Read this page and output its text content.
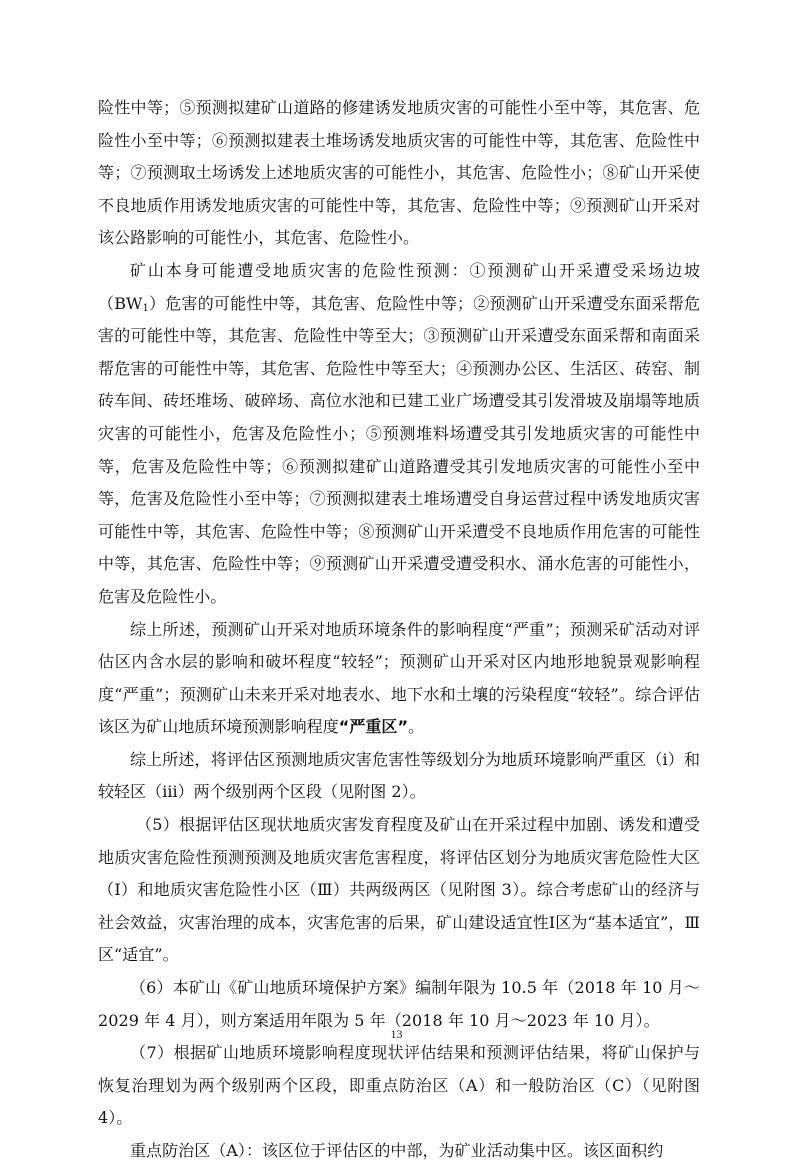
险性中等；⑤预测拟建矿山道路的修建诱发地质灾害的可能性小至中等，其危害、危险性小至中等；⑥预测拟建表土堆场诱发地质灾害的可能性中等，其危害、危险性中等；⑦预测取土场诱发上述地质灾害的可能性小，其危害、危险性小；⑧矿山开采使不良地质作用诱发地质灾害的可能性中等，其危害、危险性中等；⑨预测矿山开采对该公路影响的可能性小，其危害、危险性小。

矿山本身可能遭受地质灾害的危险性预测：①预测矿山开采遭受采场边坡$(BW_1)$危害的可能性中等，其危害、危险性中等；②预测矿山开采遭受东面采帮危害的可能性中等，其危害、危险性中等至大；③预测矿山开采遭受东面采帮和南面采帮危害的可能性中等，其危害、危险性中等至大；④预测办公区、生活区、砖窑、制砖车间、砖坯堆场、破碎场、高位水池和已建工业广场遭受其引发滑坡及崩塌等地质灾害的可能性小，危害及危险性小；⑤预测堆料场遭受其引发地质灾害的可能性中等，危害及危险性中等；⑥预测拟建矿山道路遭受其引发地质灾害的可能性小至中等，危害及危险性小至中等；⑦预测拟建表土堆场遭受自身运营过程中诱发地质灾害可能性中等，其危害、危险性中等；⑧预测矿山开采遭受不良地质作用危害的可能性中等，其危害、危险性中等；⑨预测矿山开采遭受遭受积水、涌水危害的可能性小，危害及危险性小。

综上所述，预测矿山开采对地质环境条件的影响程度“严重”；预测采矿活动对评估区内含水层的影响和破坏程度“较轻”；预测矿山开采对区内地形地貌景观影响程度“严重”；预测矿山未来开采对地表水、地下水和土壤的污染程度“较轻”。综合评估该区为矿山地质环境预测影响程度“严重区”。

综上所述，将评估区预测地质灾害危害性等级划分为地质环境影响严重区（ⅰ）和较轻区（ⅲ）两个级别两个区段（见附图 2）。

（5）根据评估区现状地质灾害发育程度及矿山在开采过程中加剧、诱发和遭受地质灾害危险性预测预测及地质灾害危害程度，将评估区划分为地质灾害危险性大区（Ⅰ）和地质灾害危险性小区（Ⅲ）共两级两区（见附图 3）。综合考虑矿山的经济与社会效益，灾害治理的成本，灾害危害的后果，矿山建设适宜性Ⅰ区为“基本适宜”，Ⅲ区“适宜”。

（6）本矿山《矿山地质环境保护方案》编制年限为 10.5 年（2018 年 10 月～2029 年 4 月），则方案适用年限为 5 年（2018 年 10 月～2023 年 10 月）。

（7）根据矿山地质环境影响程度现状评估结果和预测评估结果，将矿山保护与恢复治理划为两个级别两个区段，即重点防治区（A）和一般防治区（C）（见附图 4）。

重点防治区（A）：该区位于评估区的中部，为矿业活动集中区。该区面积约

13
